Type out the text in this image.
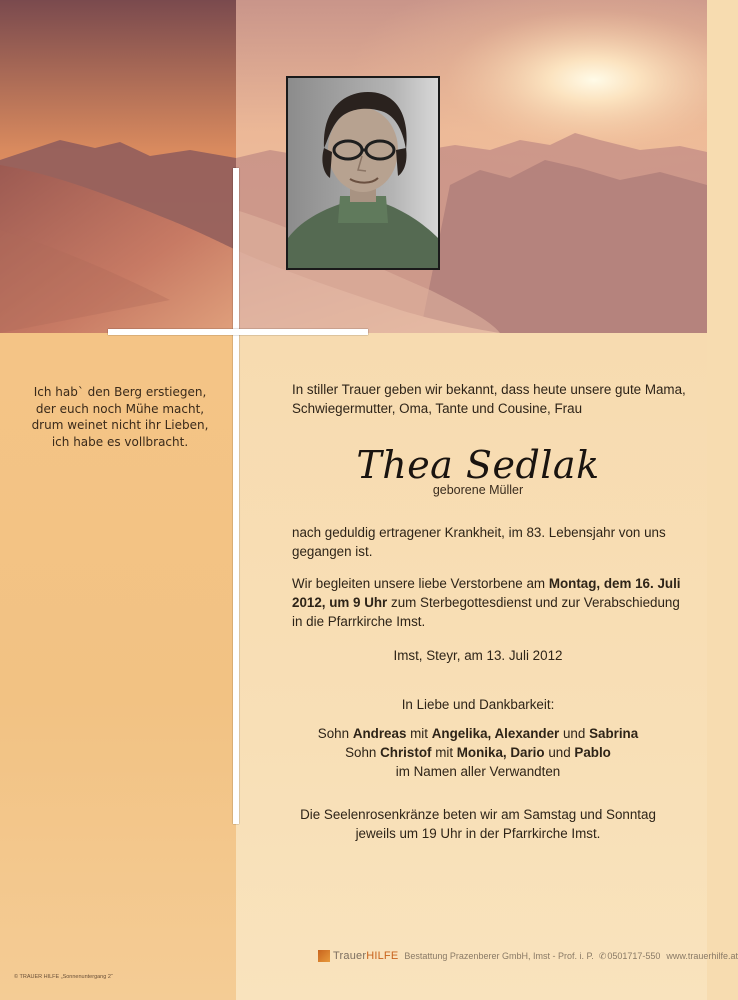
Ich hab` den Berg erstiegen,
der euch noch Mühe macht,
drum weinet nicht ihr Lieben,
ich habe es vollbracht.
In stiller Trauer geben wir bekannt, dass heute unsere gute Mama,
Schwiegermutter, Oma, Tante und Cousine, Frau
Thea Sedlak
geborene Müller
nach geduldig ertragener Krankheit, im 83. Lebensjahr von uns
gegangen ist.
Wir begleiten unsere liebe Verstorbene am Montag, dem 16. Juli
2012, um 9 Uhr zum Sterbegottesdienst und zur Verabschiedung
in die Pfarrkirche Imst.
Imst, Steyr, am 13. Juli 2012
In Liebe und Dankbarkeit:
Sohn Andreas mit Angelika, Alexander und Sabrina
Sohn Christof mit Monika, Dario und Pablo
im Namen aller Verwandten
Die Seelenrosenkränze beten wir am Samstag und Sonntag
jeweils um 19 Uhr in der Pfarrkirche Imst.
TrauerHILFE Bestattung Prazenberer GmbH, Imst - Prof. i. P. ✆ 0501717-550 www.trauerhilfe.at
© TRAUER HILFE „Sonnenuntergang 2“
